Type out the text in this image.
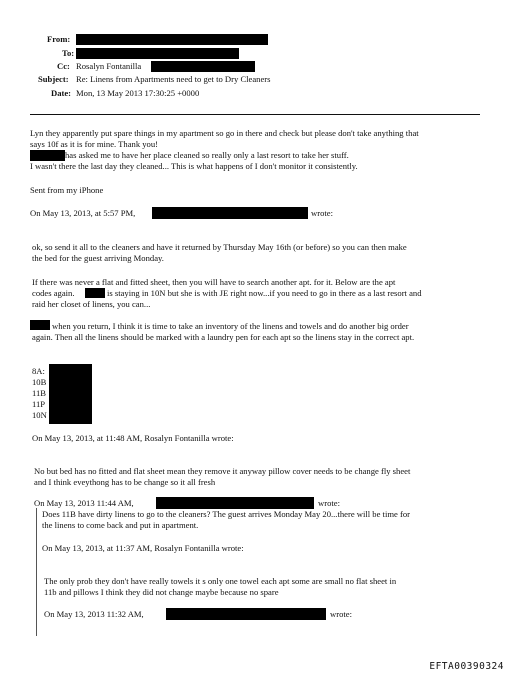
From:
To:
Cc: Rosalyn Fontanilla
Subject: Re: Linens from Apartments need to get to Dry Cleaners
Date: Mon, 13 May 2013 17:30:25 +0000
Lyn they apparently put spare things in my apartment so go in there and check but please don't take anything that
says 10f as it is for mine. Thank you!
has asked me to have her place cleaned so really only a last resort to take her stuff.
I wasn't there the last day they cleaned... This is what happens of I don't monitor it consistently.
Sent from my iPhone
On May 13, 2013, at 5:57 PM,	wrote:
ok, so send it all to the cleaners and have it returned by Thursday May 16th (or before) so you can then make
the bed for the guest arriving Monday.
If there was never a flat and fitted sheet, then you will have to search another apt. for it. Below are the apt
codes again.	is staying in 10N but she is with JE right now...if you need to go in there as a last resort and
raid her closet of linens, you can...
when you return, I think it is time to take an inventory of the linens and towels and do another big order
again. Then all the linens should be marked with a laundry pen for each apt so the linens stay in the correct apt.
8A:
10B
11B
11P
10N
On May 13, 2013, at 11:48 AM, Rosalyn Fontanilla wrote:
No but bed has no fitted and flat sheet mean they remove it anyway pillow cover needs to be change fly sheet
and I think eveythong has to be change so it all fresh
On May 13, 2013 11:44 AM,	wrote:
Does 11B have dirty linens to go to the cleaners? The guest arrives Monday May 20...there will be time for
the linens to come back and put in apartment.
On May 13, 2013, at 11:37 AM, Rosalyn Fontanilla wrote:
The only prob they don't have really towels it s only one towel each apt some are small no flat sheet in
11b and pillows I think they did not change maybe because no spare
On May 13, 2013 11:32 AM,	wrote:
EFTA00390324
